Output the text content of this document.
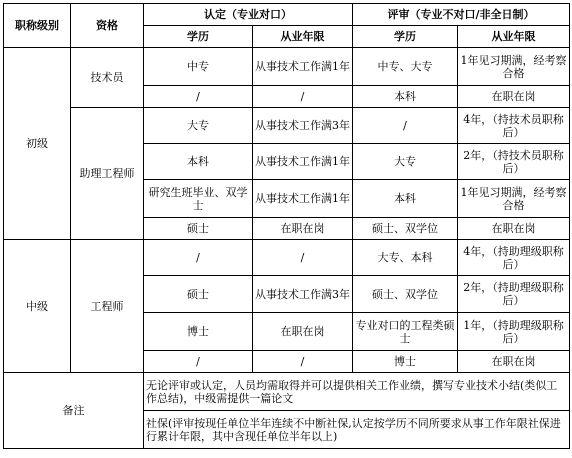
职称级别	资格	认定（专业对口）		评审（专业不对口/非全日制）	
		学历	从业年限	学历	从业年限
初级	技术员	中专	从事技术工作满1年	中专、大专	1年见习期满，经考察合格
		/	/	本科	在职在岗
	助理工程师	大专	从事技术工作满3年	/	4年，（持技术员职称后）
		本科	从事技术工作满1年	大专	2年，（持技术员职称后）
		研究生班毕业、双学士	从事技术工作满1年	本科	1年见习期满，经考察合格
		硕士	在职在岗	硕士、双学位	在职在岗
中级	工程师	/	/	大专、本科	4年，（持助理级职称后）
		硕士	从事技术工作满3年	硕士、双学位	2年，（持助理级职称后）
		博士	在职在岗	专业对口的工程类硕士	1年，（持助理级职称后）
		/	/	博士	在职在岗
备注		无论评审或认定，人员均需取得并可以提供相关工作业绩，撰写专业技术小结(类似工作总结)，中级需提供一篇论文			
		社保(评审按现任单位半年连续不中断社保,认定按学历不同所要求从事工作年限社保进行累计年限，其中含现任单位半年以上)			
